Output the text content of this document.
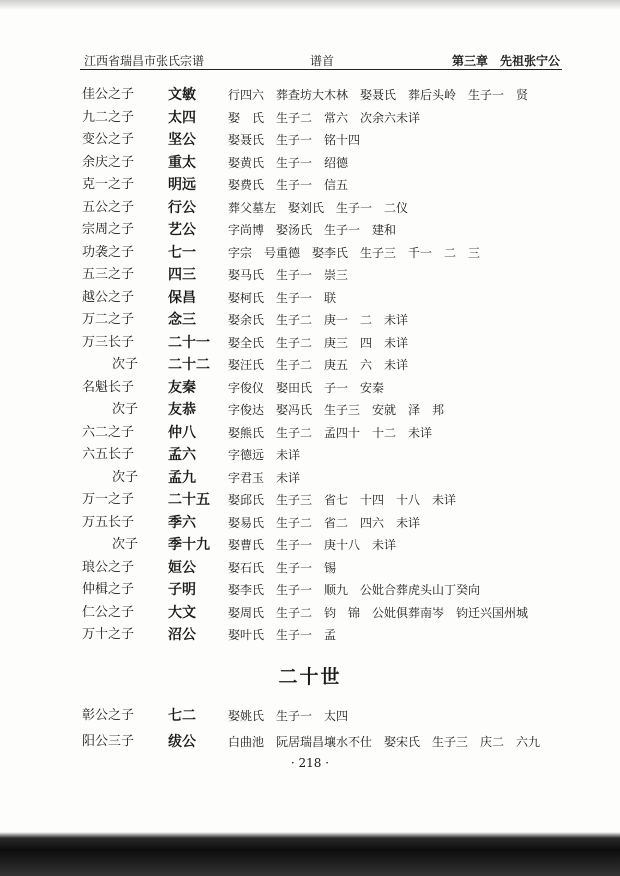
江西省瑞昌市张氏宗谱	谱首	第三章　先祖张宁公
佳公之子 文敏	行四六　葬查坊大木林　娶聂氏　葬后头岭　生子一　贤
九二之子 太四	娶　氏　生子二　常六　次余六未详
变公之子 坚公	娶聂氏　生子一　铭十四
余庆之子 重太	娶黄氏　生子一　绍德
克一之子 明远	娶费氏　生子一　信五
五公之子 行公	葬父墓左　娶刘氏　生子一　二仪
宗周之子 艺公	字尚博　娶汤氏　生子一　建和
功袭之子 七一	字宗　号重德　娶李氏　生子三　千一　二　三
五三之子 四三	娶马氏　生子一　崇三
越公之子 保昌	娶柯氏　生子一　联
万二之子 念三	娶余氏　生子二　庚一　二　未详
万三长子 二十一 娶全氏　生子二　庚三　四　未详
次子 二十二 娶汪氏　生子二　庚五　六　未详
名魁长子 友秦	字俊仪　娶田氏　子一　安秦
次子 友恭	字俊达　娶冯氏　生子三　安就　泽　邦
六二之子 仲八	娶熊氏　生子二　孟四十　十二　未详
六五长子 孟六	字德远　未详
次子 孟九	字君玉　未详
万一之子 二十五 娶邱氏　生子三　省七　十四　十八　未详
万五长子 季六	娶易氏　生子二　省二　四六　未详
次子 季十九 娶曹氏　生子一　庚十八　未详
琅公之子 姮公	娶石氏　生子一　锡
仲楫之子 子明	娶李氏　生子一　顺九　公妣合葬虎头山丁癸向
仁公之子 大文	娶周氏　生子二　钧　锦　公妣俱葬南岑　钧迁兴国州城
万十之子 沼公	娶叶氏　生子一　孟
二十世
彰公之子 七二	娶姚氏　生子一　太四
阳公三子 绂公	白曲池　阮居瑞昌壤水不仕　娶宋氏　生子三　庆二　六九
· 218 ·
